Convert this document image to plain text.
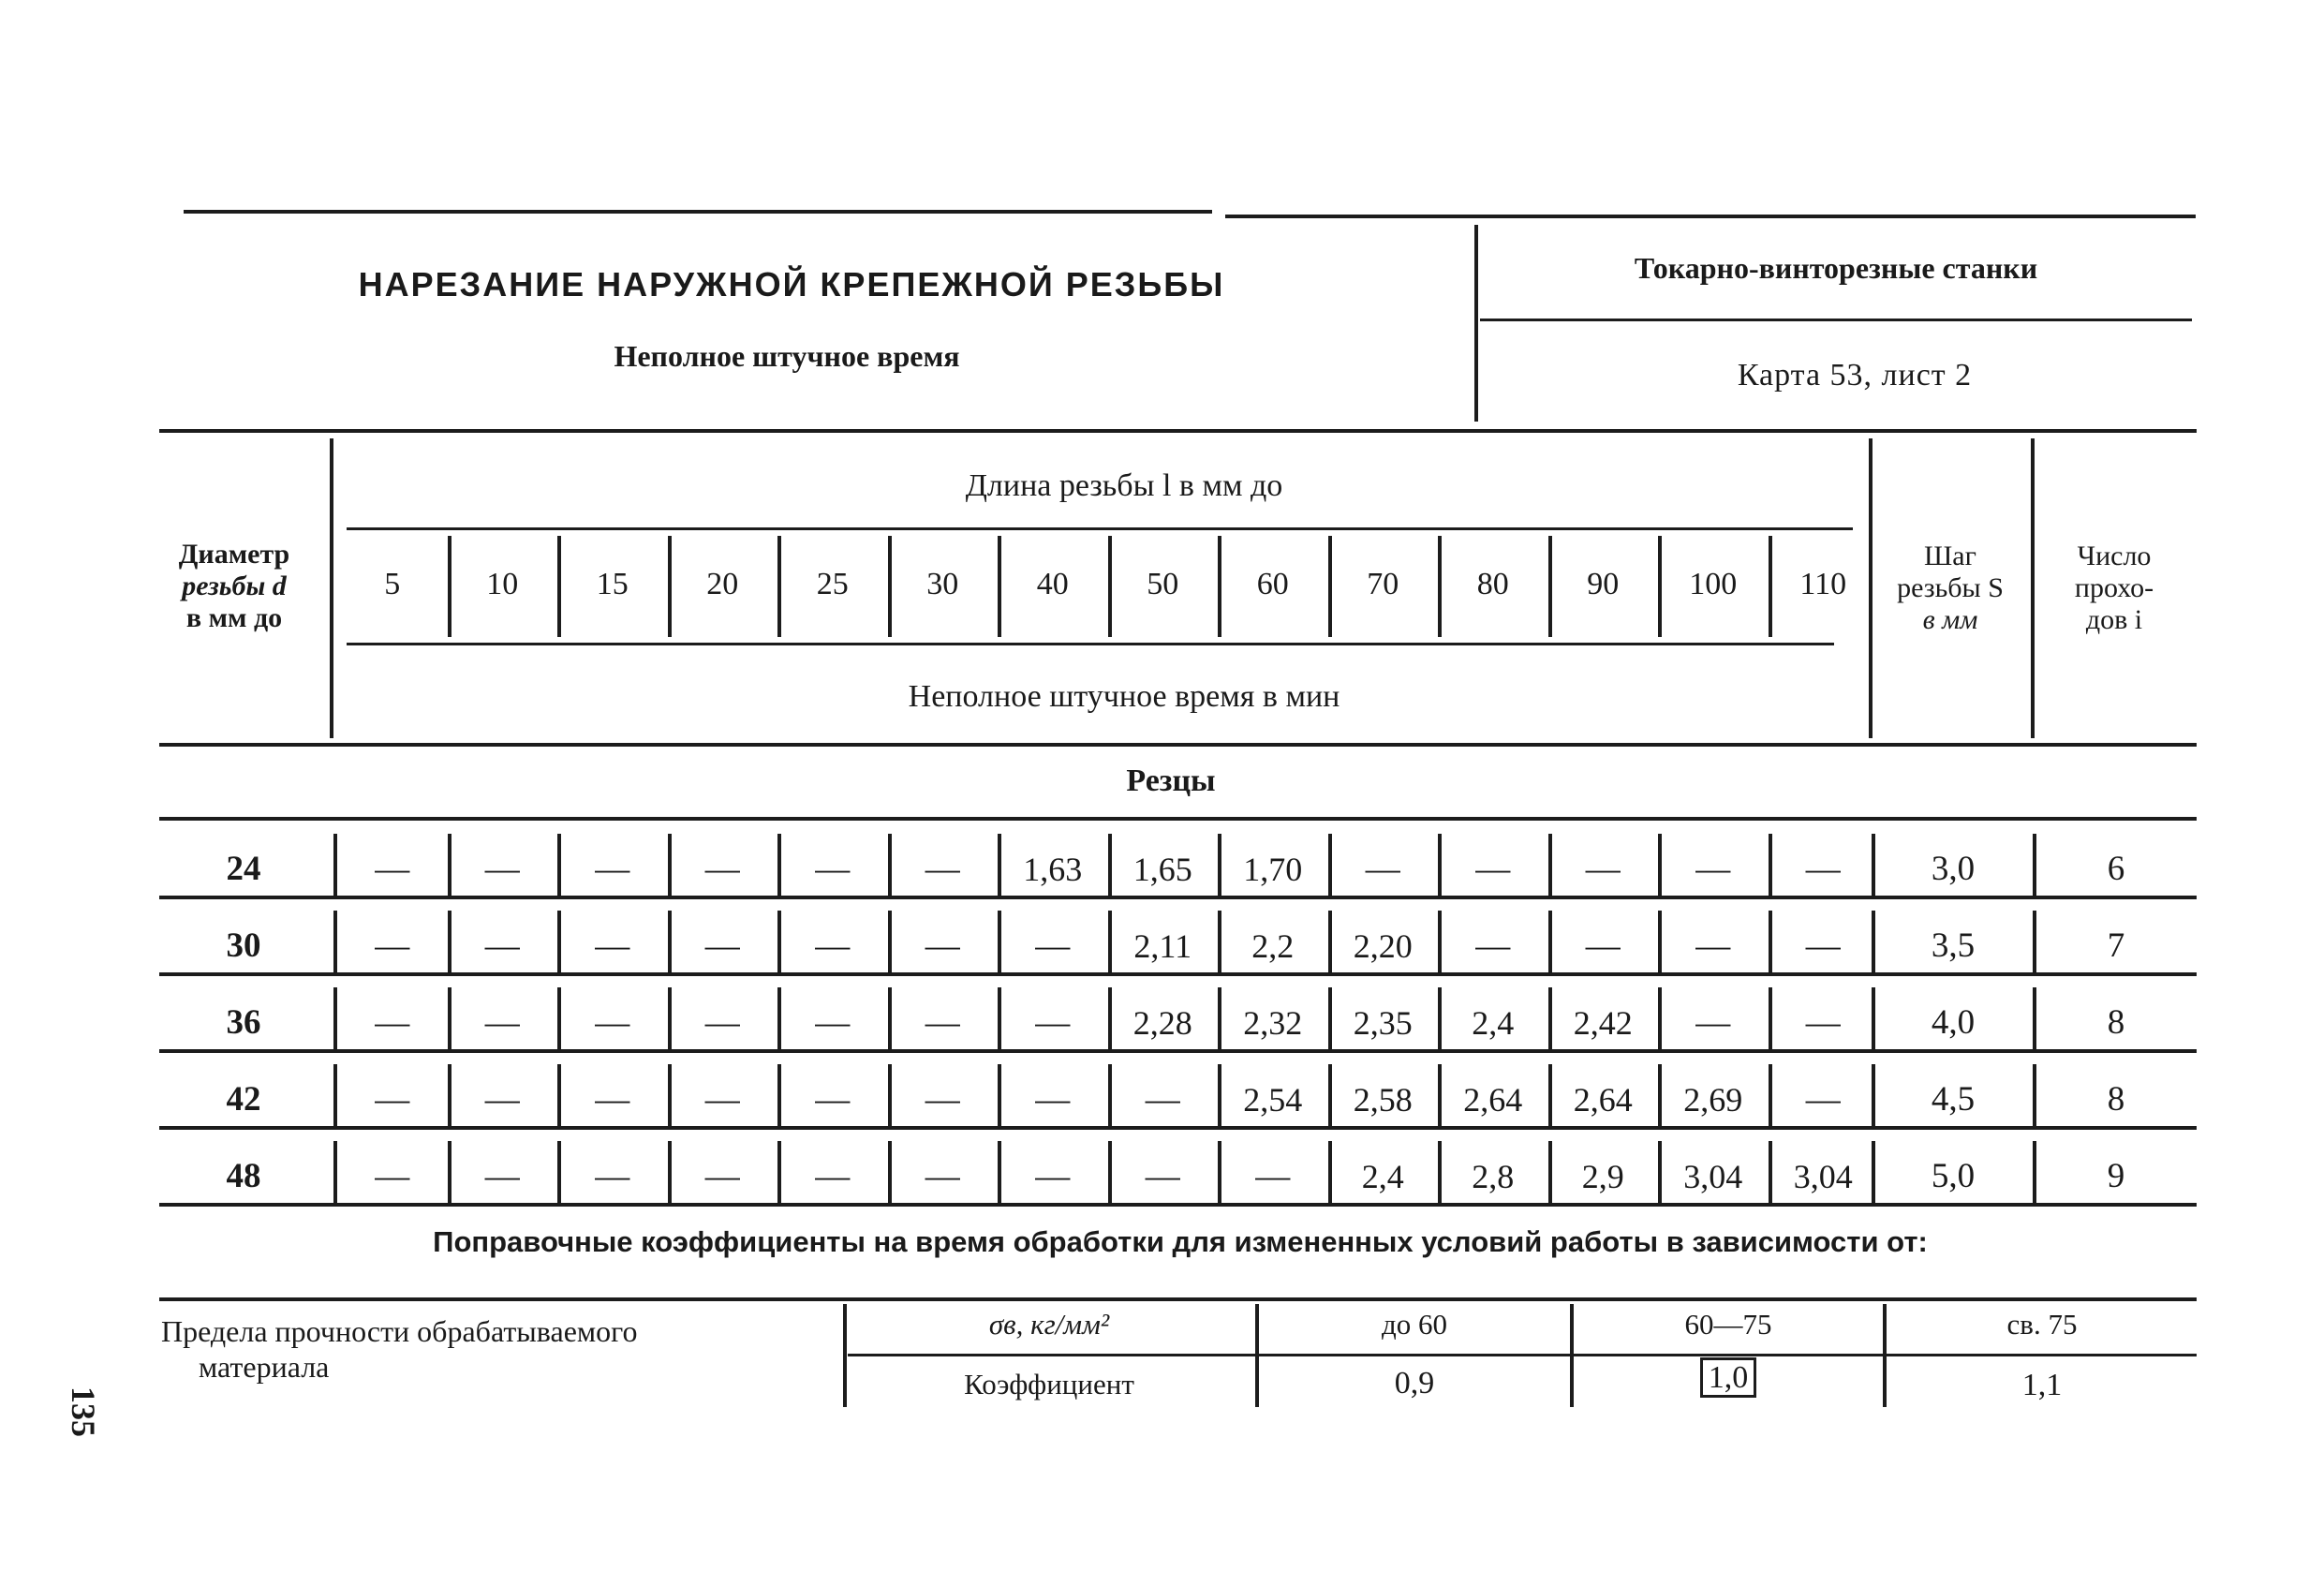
НАРЕЗАНИЕ НАРУЖНОЙ КРЕПЕЖНОЙ РЕЗЬБЫ
Неполное штучное время
Токарно-винторезные станки
Карта 53, лист 2
Диаметр
резьбы d
в мм до
Длина резьбы l в мм до
5	10	15	20	25	30	40	50	60	70	80	90	100	110
Неполное штучное время в мин
Шаг
резьбы S
в мм
Число
прохо-
дов i
Резцы
24	—	—	—	—	—	—	1,63	1,65	1,70	—	—	—	—	—	3,0	6
30	—	—	—	—	—	—	—	2,11	2,2	2,20	—	—	—	—	3,5	7
36	—	—	—	—	—	—	—	2,28	2,32	2,35	2,4	2,42	—	—	4,0	8
42	—	—	—	—	—	—	—	—	2,54	2,58	2,64	2,64	2,69	—	4,5	8
48	—	—	—	—	—	—	—	—	—	2,4	2,8	2,9	3,04	3,04	5,0	9
Поправочные коэффициенты на время обработки для измененных условий работы в зависимости от:
Предела прочности обрабатываемого
материала
σв, кг/мм²	до 60	60—75	св. 75
Коэффициент	0,9	1,0	1,1
135
